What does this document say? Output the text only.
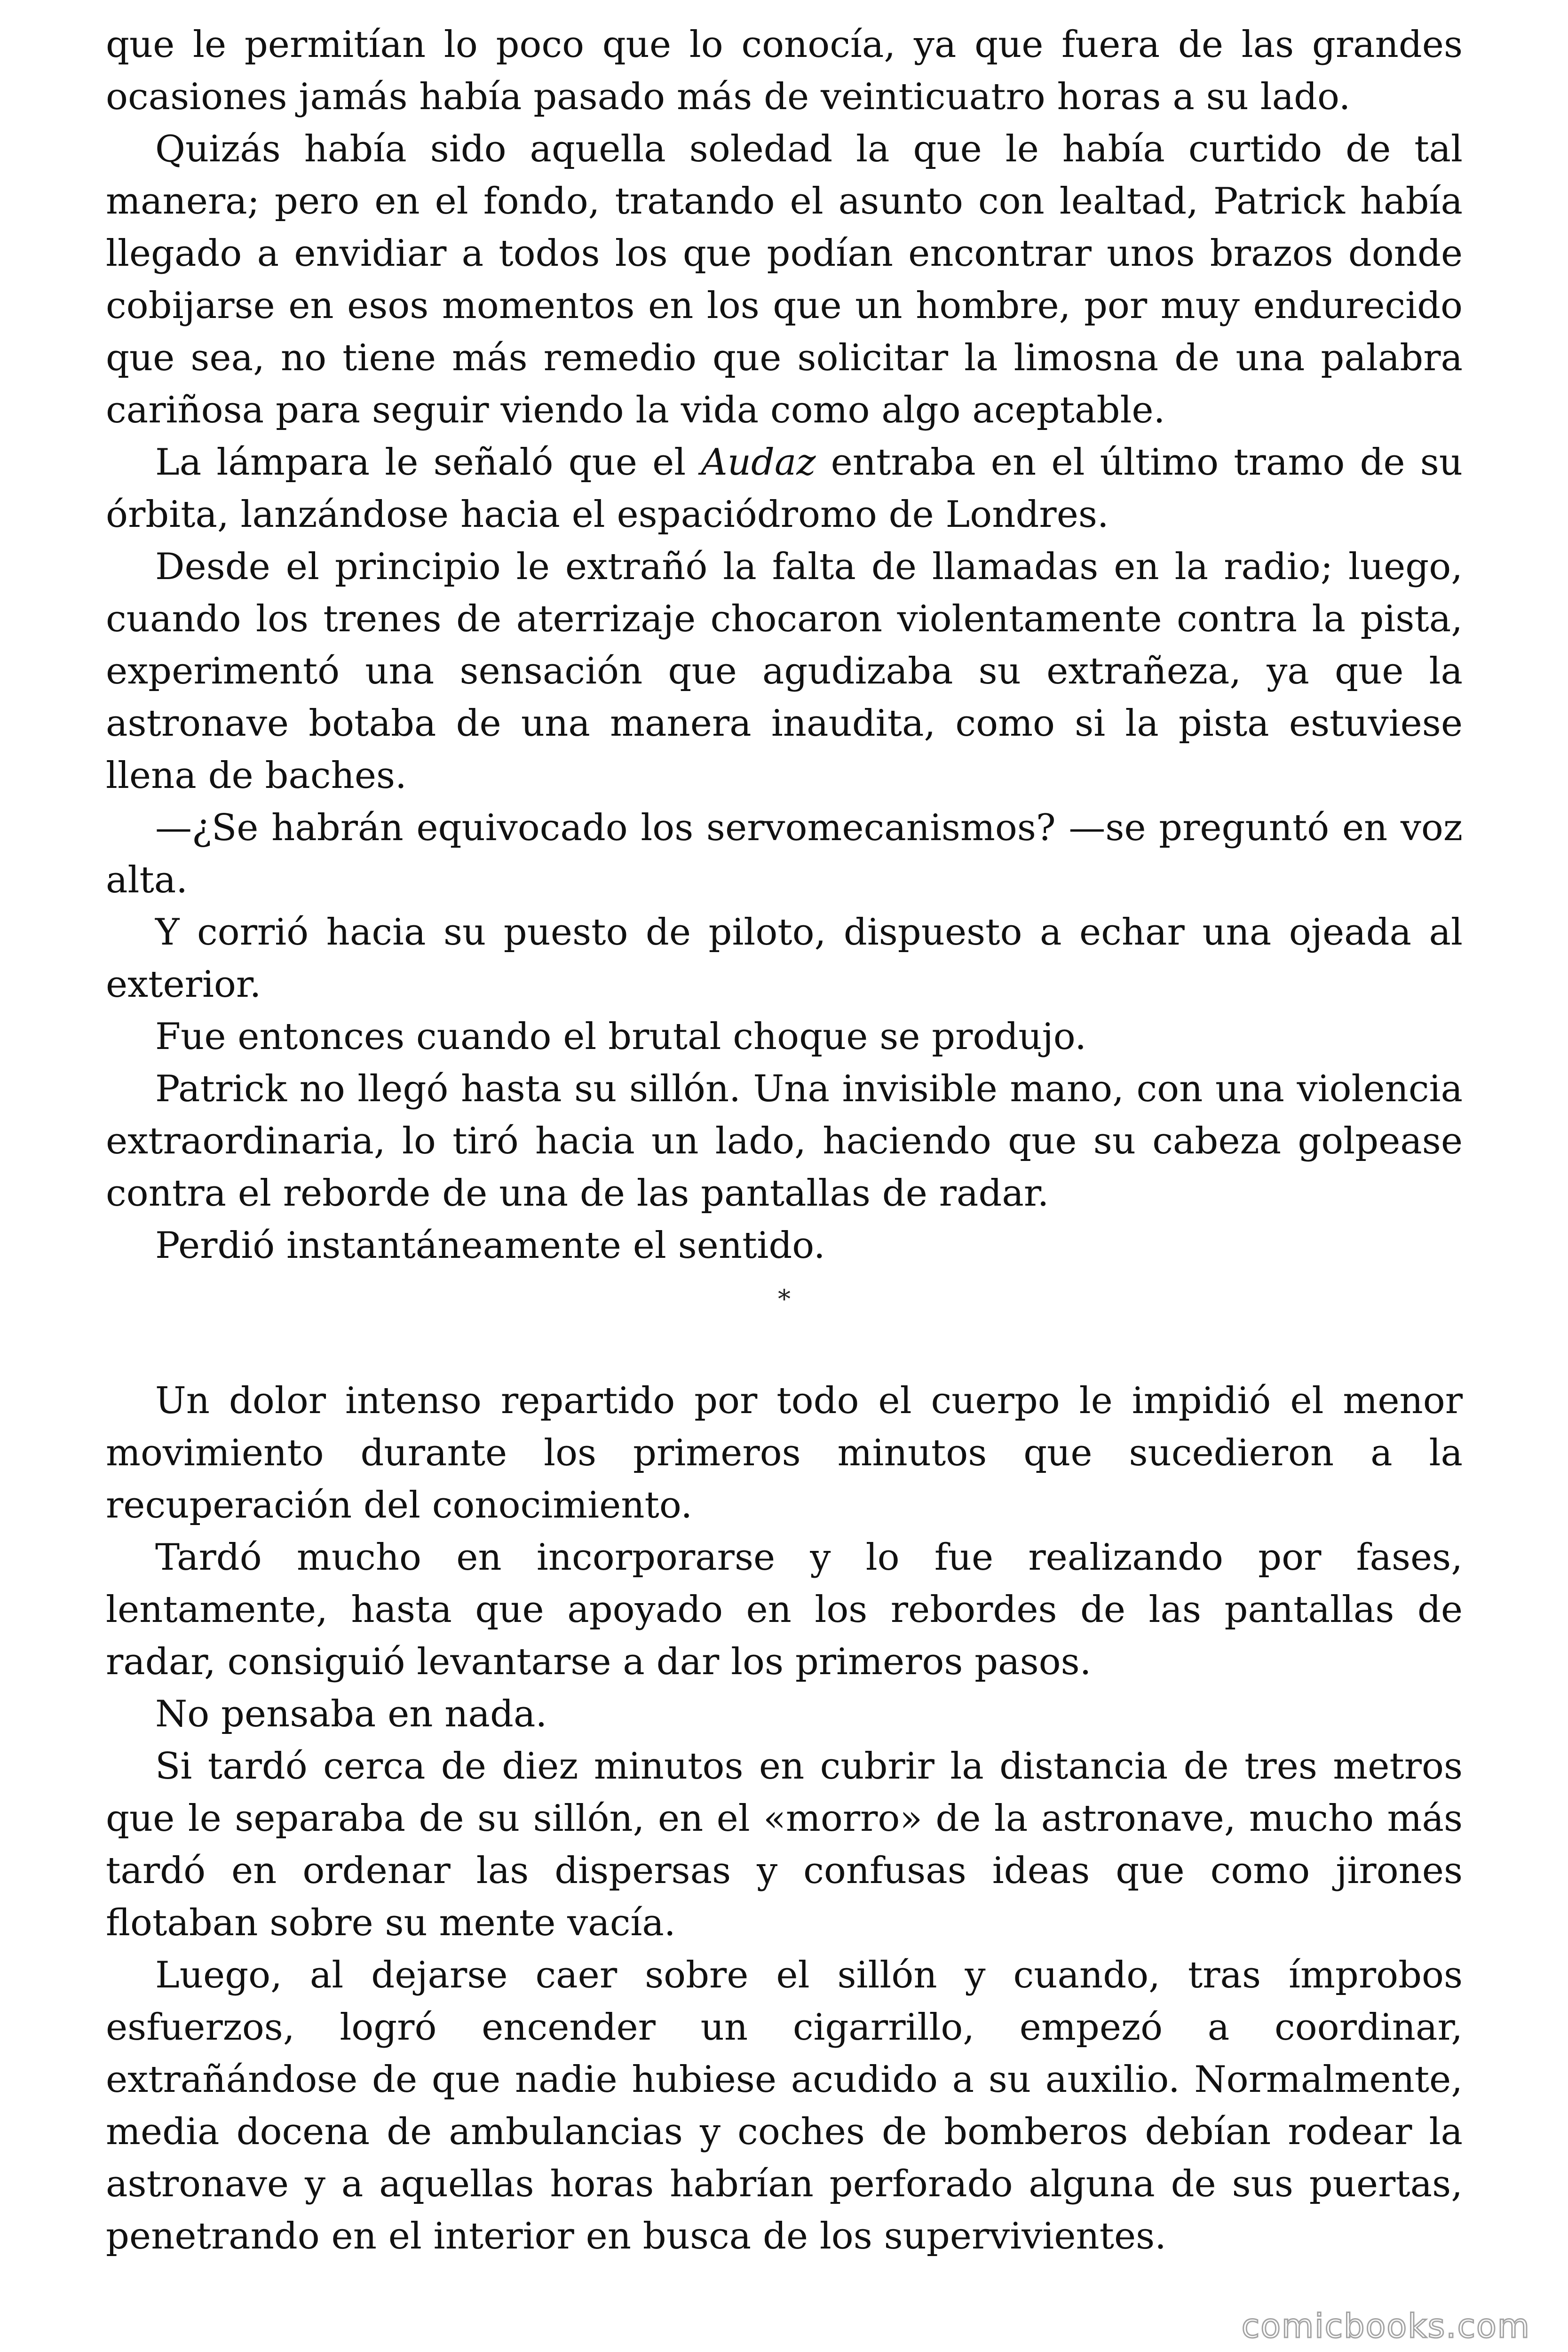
que le permitían lo poco que lo conocía, ya que fuera de las grandes ocasiones jamás había pasado más de veinticuatro horas a su lado.

Quizás había sido aquella soledad la que le había curtido de tal manera; pero en el fondo, tratando el asunto con lealtad, Patrick había llegado a envidiar a todos los que podían encontrar unos brazos donde cobijarse en esos momentos en los que un hombre, por muy endurecido que sea, no tiene más remedio que solicitar la limosna de una palabra cariñosa para seguir viendo la vida como algo aceptable.

La lámpara le señaló que el Audaz entraba en el último tramo de su órbita, lanzándose hacia el espaciódromo de Londres.

Desde el principio le extrañó la falta de llamadas en la radio; luego, cuando los trenes de aterrizaje chocaron violentamente contra la pista, experimentó una sensación que agudizaba su extrañeza, ya que la astronave botaba de una manera inaudita, como si la pista estuviese llena de baches.

—¿Se habrán equivocado los servomecanismos? —se preguntó en voz alta.

Y corrió hacia su puesto de piloto, dispuesto a echar una ojeada al exterior.

Fue entonces cuando el brutal choque se produjo.

Patrick no llegó hasta su sillón. Una invisible mano, con una violencia extraordinaria, lo tiró hacia un lado, haciendo que su cabeza golpease contra el reborde de una de las pantallas de radar.

Perdió instantáneamente el sentido.

*

Un dolor intenso repartido por todo el cuerpo le impidió el menor movimiento durante los primeros minutos que sucedieron a la recuperación del conocimiento.

Tardó mucho en incorporarse y lo fue realizando por fases, lentamente, hasta que apoyado en los rebordes de las pantallas de radar, consiguió levantarse a dar los primeros pasos.

No pensaba en nada.

Si tardó cerca de diez minutos en cubrir la distancia de tres metros que le separaba de su sillón, en el «morro» de la astronave, mucho más tardó en ordenar las dispersas y confusas ideas que como jirones flotaban sobre su mente vacía.

Luego, al dejarse caer sobre el sillón y cuando, tras ímprobos esfuerzos, logró encender un cigarrillo, empezó a coordinar, extrañándose de que nadie hubiese acudido a su auxilio. Normalmente, media docena de ambulancias y coches de bomberos debían rodear la astronave y a aquellas horas habrían perforado alguna de sus puertas, penetrando en el interior en busca de los supervivientes.

comicbooks.com
